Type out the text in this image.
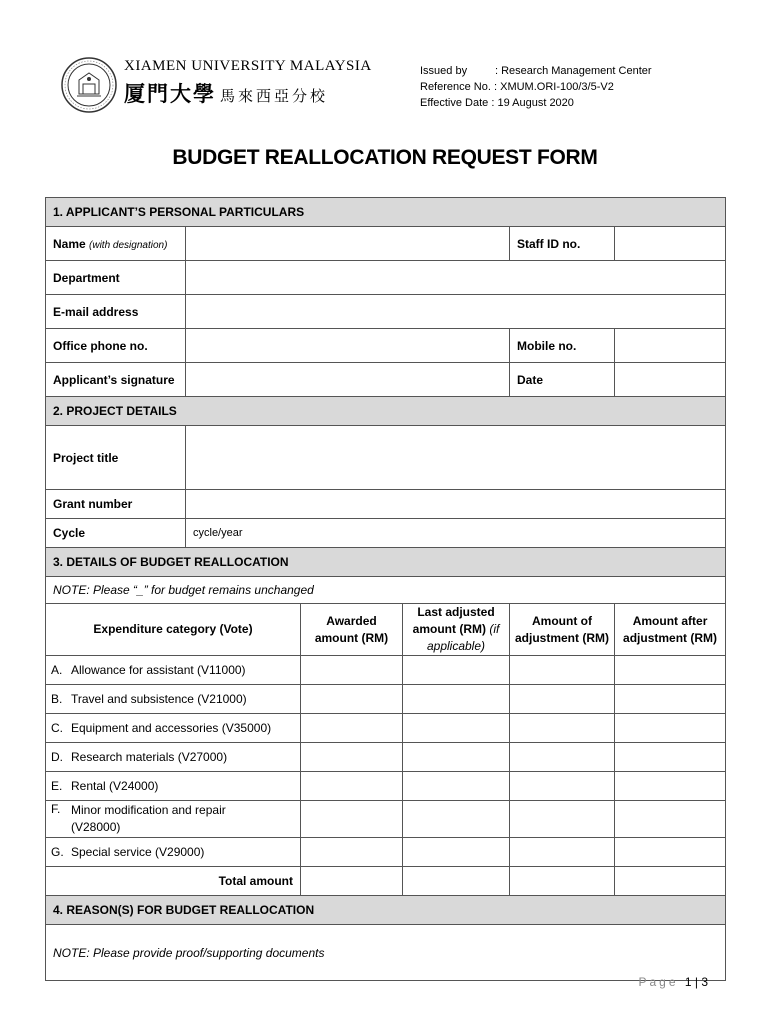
XIAMEN UNIVERSITY MALAYSIA
厦門大學 馬來西亞分校
Issued by	: Research Management Center
Reference No. : XMUM.ORI-100/3/5-V2
Effective Date : 19 August 2020
BUDGET REALLOCATION REQUEST FORM
1. APPLICANT’S PERSONAL PARTICULARS					
Name (with designation)				Staff ID no.	
Department					
E-mail address					
Office phone no.				Mobile no.	
Applicant’s signature				Date	
2. PROJECT DETAILS					
Project title					
Grant number					
Cycle	cycle/year				
3. DETAILS OF BUDGET REALLOCATION					
NOTE: Please “_” for budget remains unchanged					
Expenditure category (Vote)		Awarded amount (RM)	Last adjusted amount (RM) (if applicable)	Amount of adjustment (RM)	Amount after adjustment (RM)
A. Allowance for assistant (V11000)					
B. Travel and subsistence (V21000)					
C. Equipment and accessories (V35000)					
D. Research materials (V27000)					
E. Rental (V24000)					

F. Minor modification and repair (V28000)					

G. Special service (V29000)					
Total amount					
4. REASON(S) FOR BUDGET REALLOCATION					
NOTE: Please provide proof/supporting documents					
Page 1 | 3
